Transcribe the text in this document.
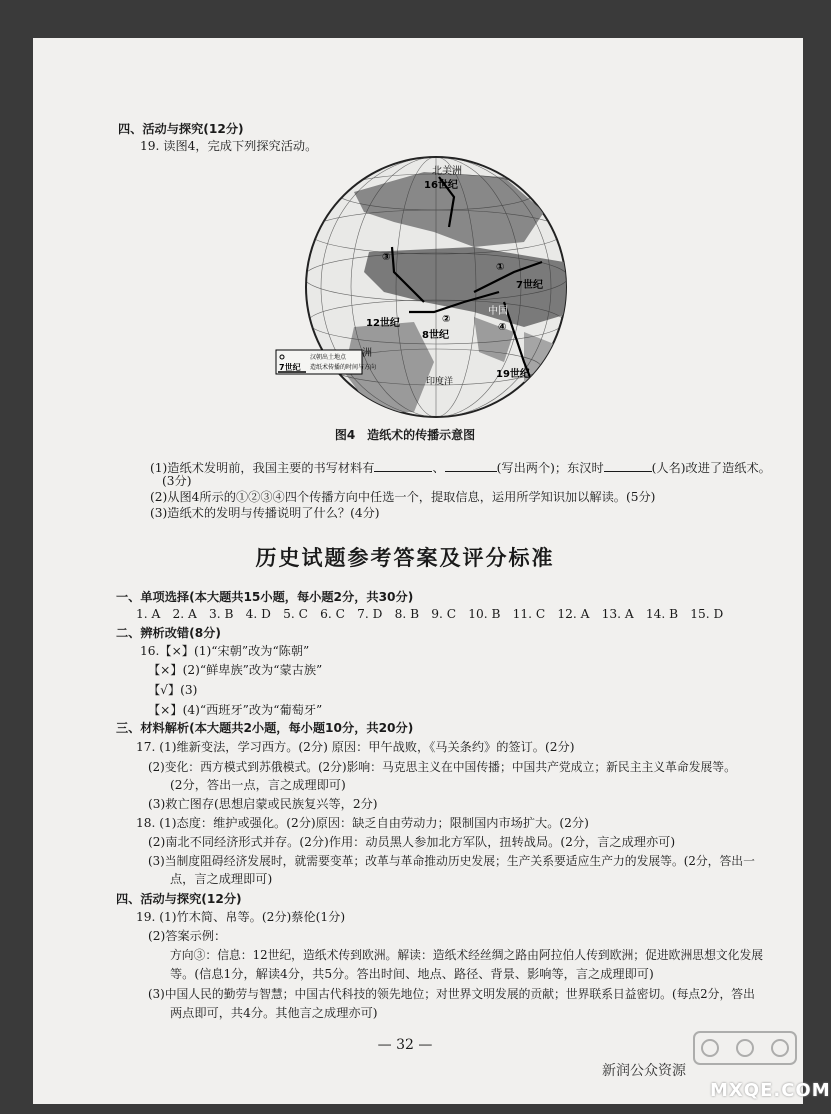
四、活动与探究(12分)
19. 读图4，完成下列探究活动。
北美洲
16世纪
7世纪
12世纪
8世纪
19世纪
中国
洲
印度洋
③
①
④
②
7世纪
汉朝出土地点
造纸术传播的时间与方向
图4　造纸术的传播示意图
(1)造纸术发明前，我国主要的书写材料有	、	(写出两个)；东汉时	(人名)改进了造纸术。
(3分)
(2)从图4所示的①②③④四个传播方向中任选一个，提取信息，运用所学知识加以解读。(5分)
(3)造纸术的发明与传播说明了什么？(4分)
历史试题参考答案及评分标准
一、单项选择(本大题共15小题，每小题2分，共30分)
1. A　2. A　3. B　4. D　5. C　6. C　7. D　8. B　9. C　10. B　11. C　12. A　13. A　14. B　15. D
二、辨析改错(8分)
16.【×】(1)“宋朝”改为“陈朝”
【×】(2)“鲜卑族”改为“蒙古族”
【√】(3)
【×】(4)“西班牙”改为“葡萄牙”
三、材料解析(本大题共2小题，每小题10分，共20分)
17. (1)维新变法，学习西方。(2分) 原因：甲午战败，《马关条约》的签订。(2分)
(2)变化：西方模式到苏俄模式。(2分)影响：马克思主义在中国传播；中国共产党成立；新民主主义革命发展等。
(2分，答出一点，言之成理即可)
(3)救亡图存(思想启蒙或民族复兴等，2分)
18. (1)态度：维护或强化。(2分)原因：缺乏自由劳动力；限制国内市场扩大。(2分)
(2)南北不同经济形式并存。(2分)作用：动员黑人参加北方军队，扭转战局。(2分，言之成理亦可)
(3)当制度阻碍经济发展时，就需要变革；改革与革命推动历史发展；生产关系要适应生产力的发展等。(2分，答出一
点，言之成理即可)
四、活动与探究(12分)
19. (1)竹木简、帛等。(2分)蔡伦(1分)
(2)答案示例：
方向③：信息：12世纪，造纸术传到欧洲。解读：造纸术经丝绸之路由阿拉伯人传到欧洲；促进欧洲思想文化发展
等。(信息1分，解读4分，共5分。答出时间、地点、路径、背景、影响等，言之成理即可)
(3)中国人民的勤劳与智慧；中国古代科技的领先地位；对世界文明发展的贡献；世界联系日益密切。(每点2分，答出
两点即可，共4分。其他言之成理亦可)
— 32 —
新润公众资源
MXQE.COM
